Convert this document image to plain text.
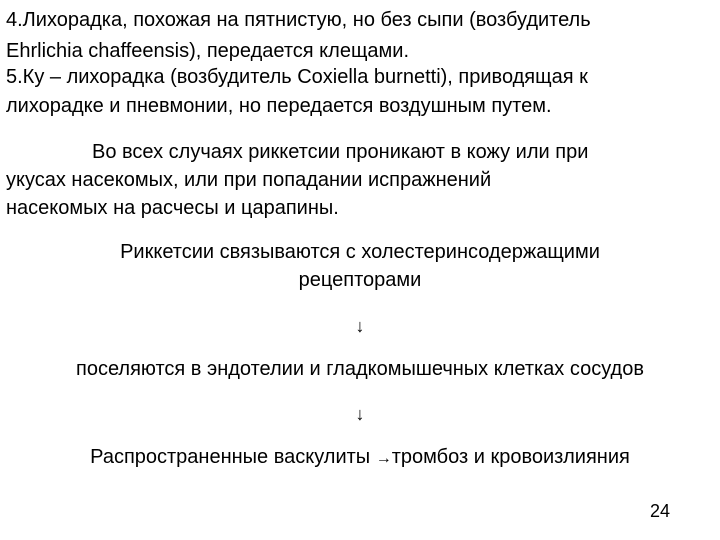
4.Лихорадка, похожая на пятнистую, но без сыпи (возбудитель
Ehrlichia chaffeensis), передается клещами.
5.Ку – лихорадка (возбудитель Coxiella burnetti), приводящая к
лихорадке и пневмонии, но передается воздушным путем.
Во всех случаях риккетсии проникают в кожу или при
укусах насекомых, или при попадании испражнений
насекомых на расчесы и царапины.
Риккетсии связываются с холестеринсодержащими
рецепторами
↓
поселяются в эндотелии и гладкомышечных клетках сосудов
↓
Распространенные васкулиты →тромбоз и кровоизлияния
24
